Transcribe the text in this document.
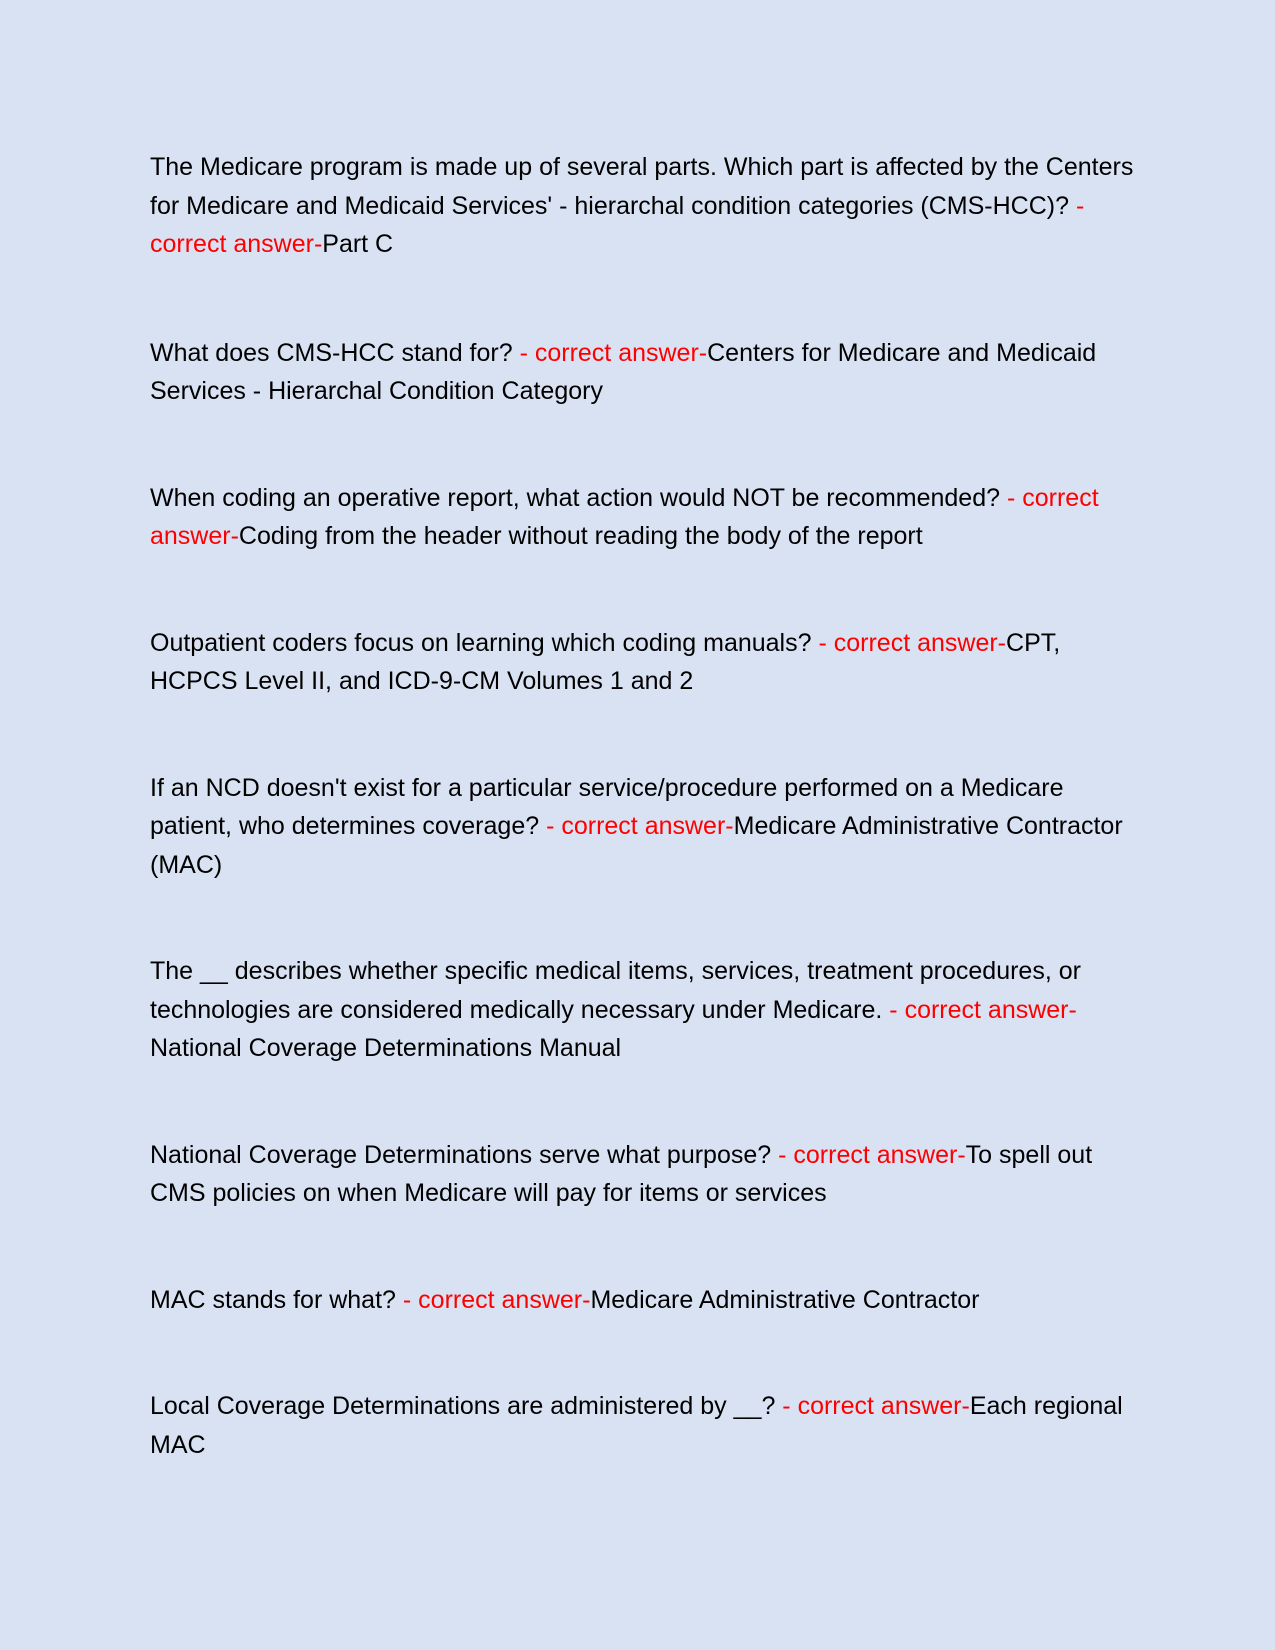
The Medicare program is made up of several parts. Which part is affected by the Centers for Medicare and Medicaid Services' - hierarchal condition categories (CMS-HCC)? - correct answer-Part C

What does CMS-HCC stand for? - correct answer-Centers for Medicare and Medicaid Services - Hierarchal Condition Category

When coding an operative report, what action would NOT be recommended? - correct answer-Coding from the header without reading the body of the report

Outpatient coders focus on learning which coding manuals? - correct answer-CPT, HCPCS Level II, and ICD-9-CM Volumes 1 and 2

If an NCD doesn't exist for a particular service/procedure performed on a Medicare patient, who determines coverage? - correct answer-Medicare Administrative Contractor (MAC)

The __ describes whether specific medical items, services, treatment procedures, or technologies are considered medically necessary under Medicare. - correct answer-National Coverage Determinations Manual

National Coverage Determinations serve what purpose? - correct answer-To spell out CMS policies on when Medicare will pay for items or services

MAC stands for what? - correct answer-Medicare Administrative Contractor

Local Coverage Determinations are administered by __? - correct answer-Each regional MAC
